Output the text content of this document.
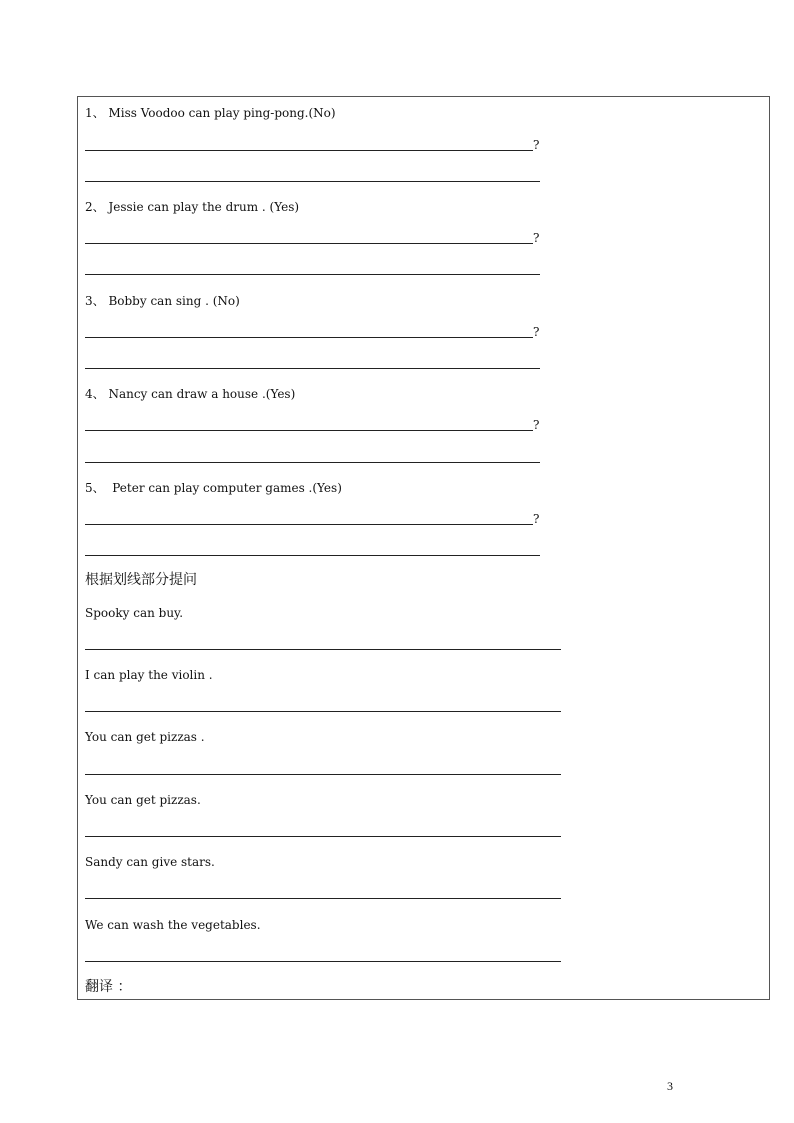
1、 Miss Voodoo can play ping-pong.(No)
?
2、 Jessie can play the drum . (Yes)
?
3、 Bobby can sing . (No)
?
4、 Nancy can draw a house .(Yes)
?
5、  Peter can play computer games .(Yes)
?
根据划线部分提问
Spooky can buy.
I can play the violin .
You can get pizzas .
You can get pizzas.
Sandy can give stars.
We can wash the vegetables.
翻译 ：
3
